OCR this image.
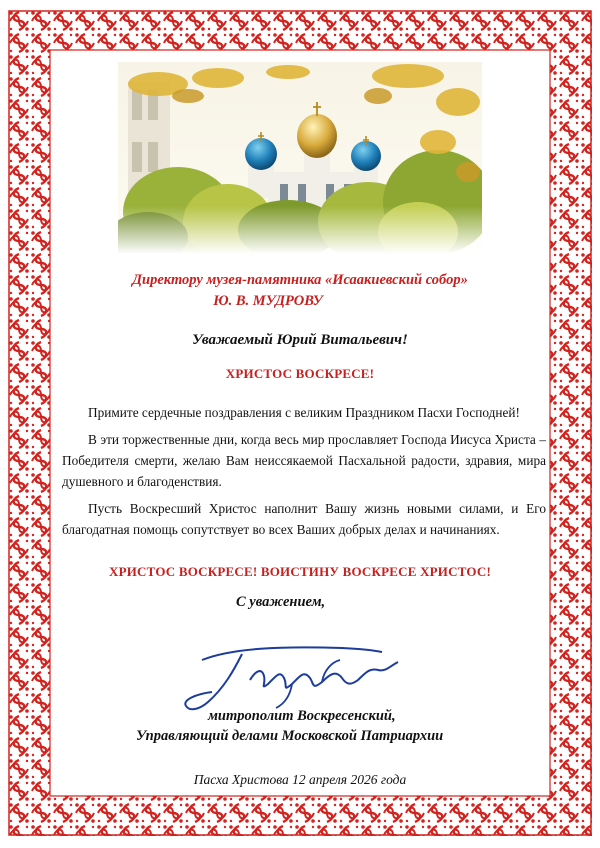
Директору музея-памятника «Исаакиевский собор»
Ю. В. МУДРОВУ
Уважаемый Юрий Витальевич!
ХРИСТОС ВОСКРЕСЕ!

Примите сердечные поздравления с великим Праздником Пасхи Господней!

В эти торжественные дни, когда весь мир прославляет Господа Иисуса Христа – Победителя смерти, желаю Вам неиссякаемой Пасхальной радости, здравия, мира душевного и благоденствия.

Пусть Воскресший Христос наполнит Вашу жизнь новыми силами, и Его благодатная помощь сопутствует во всех Ваших добрых делах и начинаниях.

ХРИСТОС ВОСКРЕСЕ! ВОИСТИНУ ВОСКРЕСЕ ХРИСТОС!
С уважением,
митрополит Воскресенский,
Управляющий делами Московской Патриархии
Пасха Христова 12 апреля 2026 года
